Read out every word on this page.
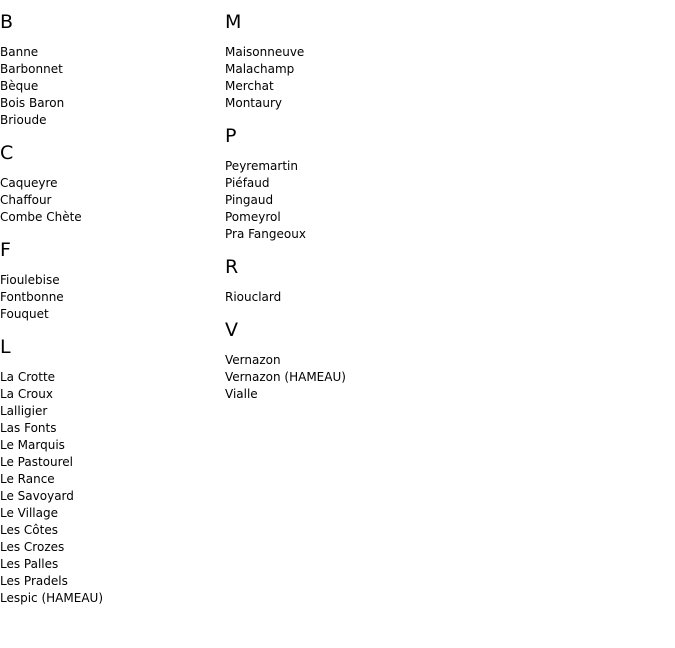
B
Banne
Barbonnet
Bèque
Bois Baron
Brioude
C
Caqueyre
Chaffour
Combe Chète
F
Fioulebise
Fontbonne
Fouquet
L
La Crotte
La Croux
Lalligier
Las Fonts
Le Marquis
Le Pastourel
Le Rance
Le Savoyard
Le Village
Les Côtes
Les Crozes
Les Palles
Les Pradels
Lespic (HAMEAU)
M
Maisonneuve
Malachamp
Merchat
Montaury
P
Peyremartin
Piéfaud
Pingaud
Pomeyrol
Pra Fangeoux
R
Riouclard
V
Vernazon
Vernazon (HAMEAU)
Vialle
